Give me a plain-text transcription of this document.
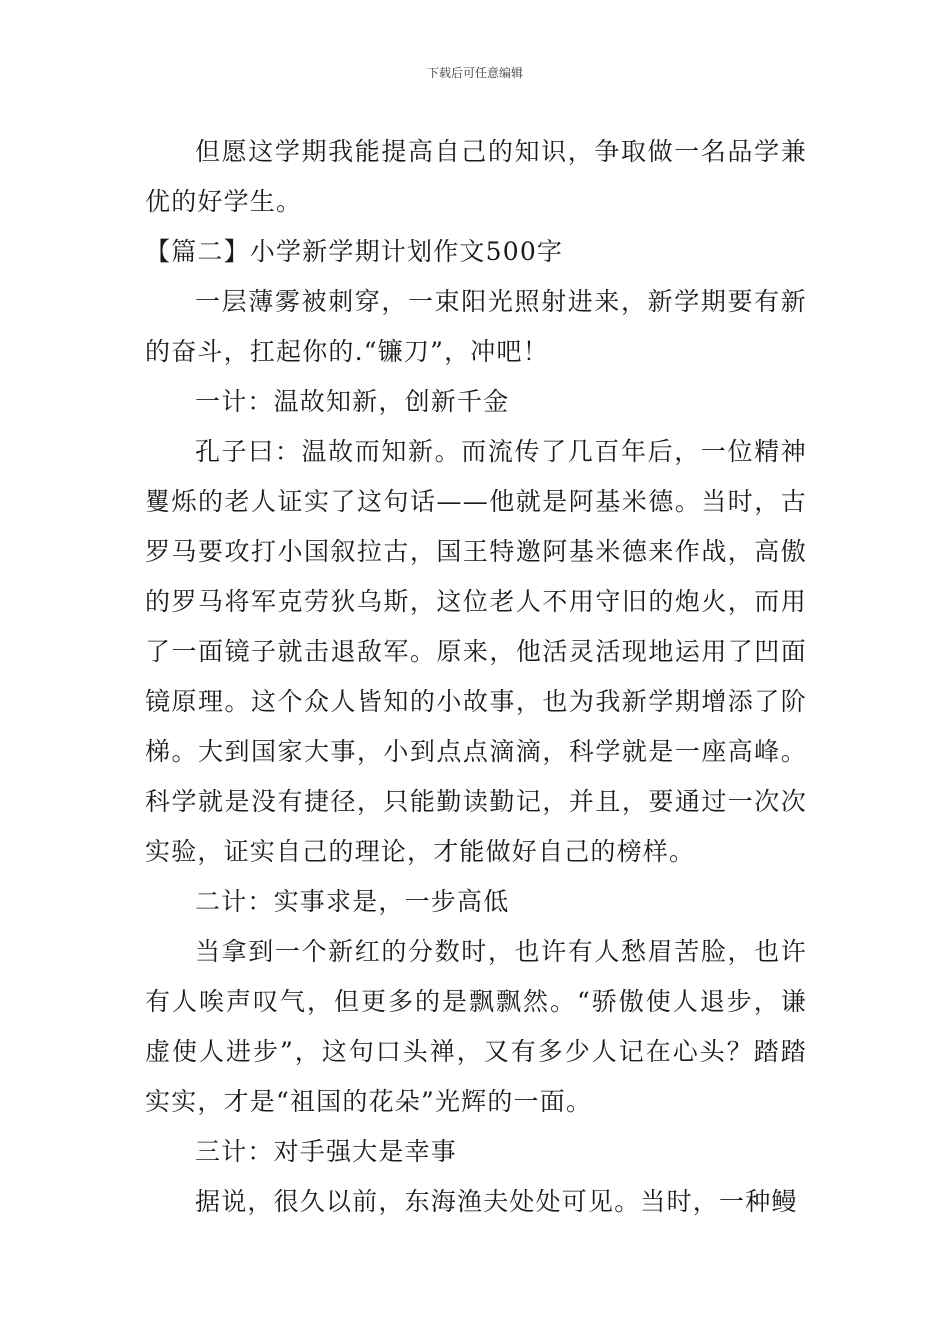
下载后可任意编辑

但愿这学期我能提高自己的知识，争取做一名品学兼优的好学生。

【篇二】小学新学期计划作文500字

一层薄雾被刺穿，一束阳光照射进来，新学期要有新的奋斗，扛起你的.“镰刀”，冲吧！

一计：温故知新，创新千金

孔子曰：温故而知新。而流传了几百年后，一位精神矍烁的老人证实了这句话——他就是阿基米德。当时，古罗马要攻打小国叙拉古，国王特邀阿基米德来作战，高傲的罗马将军克劳狄乌斯，这位老人不用守旧的炮火，而用了一面镜子就击退敌军。原来，他活灵活现地运用了凹面镜原理。这个众人皆知的小故事，也为我新学期增添了阶梯。大到国家大事，小到点点滴滴，科学就是一座高峰。科学就是没有捷径，只能勤读勤记，并且，要通过一次次实验，证实自己的理论，才能做好自己的榜样。

二计：实事求是，一步高低

当拿到一个新红的分数时，也许有人愁眉苦脸，也许有人唉声叹气，但更多的是飘飘然。“骄傲使人退步，谦虚使人进步”，这句口头禅，又有多少人记在心头？踏踏实实，才是“祖国的花朵”光辉的一面。

三计：对手强大是幸事

据说，很久以前，东海渔夫处处可见。当时，一种鳗
